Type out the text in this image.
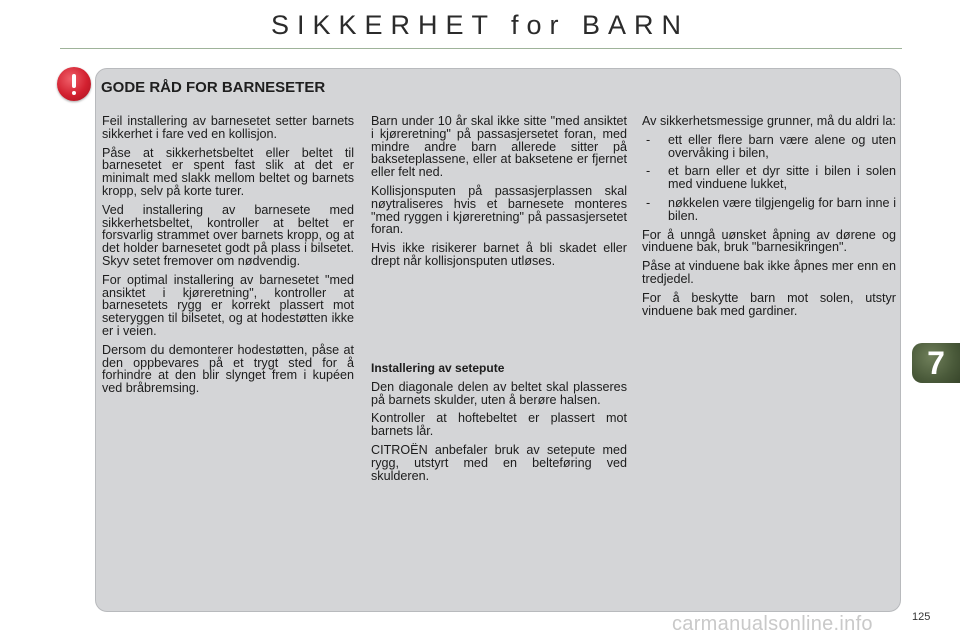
SIKKERHET for BARN
GODE RÅD FOR BARNESETER

Feil installering av barnesetet setter barnets sikkerhet i fare ved en kollisjon.

Påse at sikkerhetsbeltet eller beltet til barnesetet er spent fast slik at det er minimalt med slakk mellom beltet og barnets kropp, selv på korte turer.

Ved installering av barnesete med sikkerhetsbeltet, kontroller at beltet er forsvarlig strammet over barnets kropp, og at det holder barnesetet godt på plass i bilsetet. Skyv setet fremover om nødvendig.

For optimal installering av barnesetet "med ansiktet i kjøreretning", kontroller at barnesetets rygg er korrekt plassert mot seteryggen til bilsetet, og at hodestøtten ikke er i veien.

Dersom du demonterer hodestøtten, påse at den oppbevares på et trygt sted for å forhindre at den blir slynget frem i kupéen ved bråbremsing.

Barn under 10 år skal ikke sitte "med ansiktet i kjøreretning" på passasjersetet foran, med mindre andre barn allerede sitter på bakseteplassene, eller at baksetene er fjernet eller felt ned.

Kollisjonsputen på passasjerplassen skal nøytraliseres hvis et barnesete monteres "med ryggen i kjøreretning" på passasjersetet foran.

Hvis ikke risikerer barnet å bli skadet eller drept når kollisjonsputen utløses.

Installering av setepute

Den diagonale delen av beltet skal plasseres på barnets skulder, uten å berøre halsen.

Kontroller at hoftebeltet er plassert mot barnets lår.

CITROËN anbefaler bruk av setepute med rygg, utstyrt med en belteføring ved skulderen.

Av sikkerhetsmessige grunner, må du aldri la:

- ett eller flere barn være alene og uten overvåking i bilen,
- et barn eller et dyr sitte i bilen i solen med vinduene lukket,
- nøkkelen være tilgjengelig for barn inne i bilen.

For å unngå uønsket åpning av dørene og vinduene bak, bruk "barnesikringen".

Påse at vinduene bak ikke åpnes mer enn en tredjedel.

For å beskytte barn mot solen, utstyr vinduene bak med gardiner.

7
125
carmanualsonline.info
